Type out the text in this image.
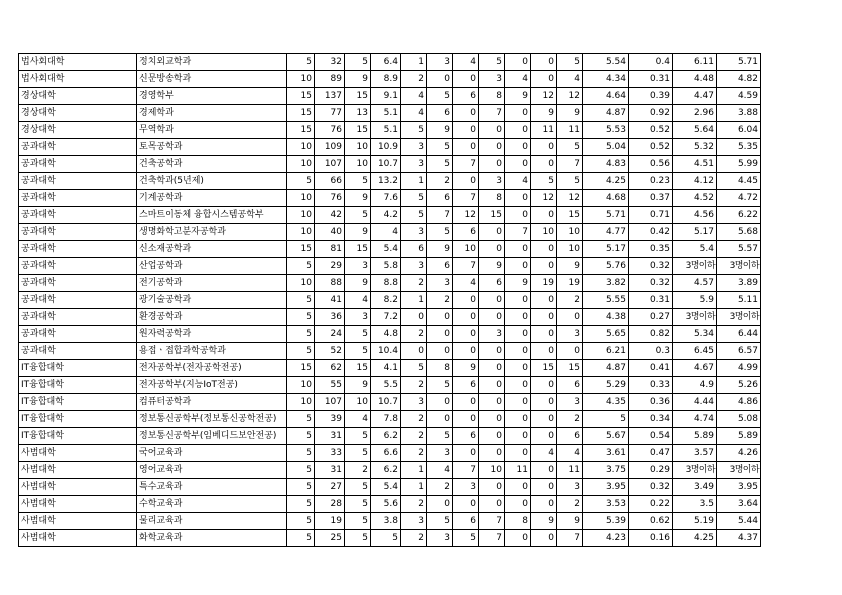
법사회대학	정치외교학과	5	32	5	6.4	1	3	4	5	0	0	5	5.54	0.4	6.11	5.71
법사회대학	신문방송학과	10	89	9	8.9	2	0	0	3	4	0	4	4.34	0.31	4.48	4.82
경상대학	경영학부	15	137	15	9.1	4	5	6	8	9	12	12	4.64	0.39	4.47	4.59
경상대학	경제학과	15	77	13	5.1	4	6	0	7	0	9	9	4.87	0.92	2.96	3.88
경상대학	무역학과	15	76	15	5.1	5	9	0	0	0	11	11	5.53	0.52	5.64	6.04
공과대학	토목공학과	10	109	10	10.9	3	5	0	0	0	0	5	5.04	0.52	5.32	5.35
공과대학	건축공학과	10	107	10	10.7	3	5	7	0	0	0	7	4.83	0.56	4.51	5.99
공과대학	건축학과(5년제)	5	66	5	13.2	1	2	0	3	4	5	5	4.25	0.23	4.12	4.45
공과대학	기계공학과	10	76	9	7.6	5	6	7	8	0	12	12	4.68	0.37	4.52	4.72
공과대학	스마트이동체 융합시스템공학부	10	42	5	4.2	5	7	12	15	0	0	15	5.71	0.71	4.56	6.22
공과대학	생명화학고분자공학과	10	40	9	4	3	5	6	0	7	10	10	4.77	0.42	5.17	5.68
공과대학	신소재공학과	15	81	15	5.4	6	9	10	0	0	0	10	5.17	0.35	5.4	5.57
공과대학	산업공학과	5	29	3	5.8	3	6	7	9	0	0	9	5.76	0.32	3명이하	3명이하
공과대학	전기공학과	10	88	9	8.8	2	3	4	6	9	19	19	3.82	0.32	4.57	3.89
공과대학	광기술공학과	5	41	4	8.2	1	2	0	0	0	0	2	5.55	0.31	5.9	5.11
공과대학	환경공학과	5	36	3	7.2	0	0	0	0	0	0	0	4.38	0.27	3명이하	3명이하
공과대학	원자력공학과	5	24	5	4.8	2	0	0	3	0	0	3	5.65	0.82	5.34	6.44
공과대학	용접ㆍ접합과학공학과	5	52	5	10.4	0	0	0	0	0	0	0	6.21	0.3	6.45	6.57
IT융합대학	전자공학부(전자공학전공)	15	62	15	4.1	5	8	9	0	0	15	15	4.87	0.41	4.67	4.99
IT융합대학	전자공학부(지능IoT전공)	10	55	9	5.5	2	5	6	0	0	0	6	5.29	0.33	4.9	5.26
IT융합대학	컴퓨터공학과	10	107	10	10.7	3	0	0	0	0	0	3	4.35	0.36	4.44	4.86
IT융합대학	정보통신공학부(정보통신공학전공)	5	39	4	7.8	2	0	0	0	0	0	2	5	0.34	4.74	5.08
IT융합대학	정보통신공학부(임베디드보안전공)	5	31	5	6.2	2	5	6	0	0	0	6	5.67	0.54	5.89	5.89
사범대학	국어교육과	5	33	5	6.6	2	3	0	0	0	4	4	3.61	0.47	3.57	4.26
사범대학	영어교육과	5	31	2	6.2	1	4	7	10	11	0	11	3.75	0.29	3명이하	3명이하
사범대학	특수교육과	5	27	5	5.4	1	2	3	0	0	0	3	3.95	0.32	3.49	3.95
사범대학	수학교육과	5	28	5	5.6	2	0	0	0	0	0	2	3.53	0.22	3.5	3.64
사범대학	물리교육과	5	19	5	3.8	3	5	6	7	8	9	9	5.39	0.62	5.19	5.44
사범대학	화학교육과	5	25	5	5	2	3	5	7	0	0	7	4.23	0.16	4.25	4.37
